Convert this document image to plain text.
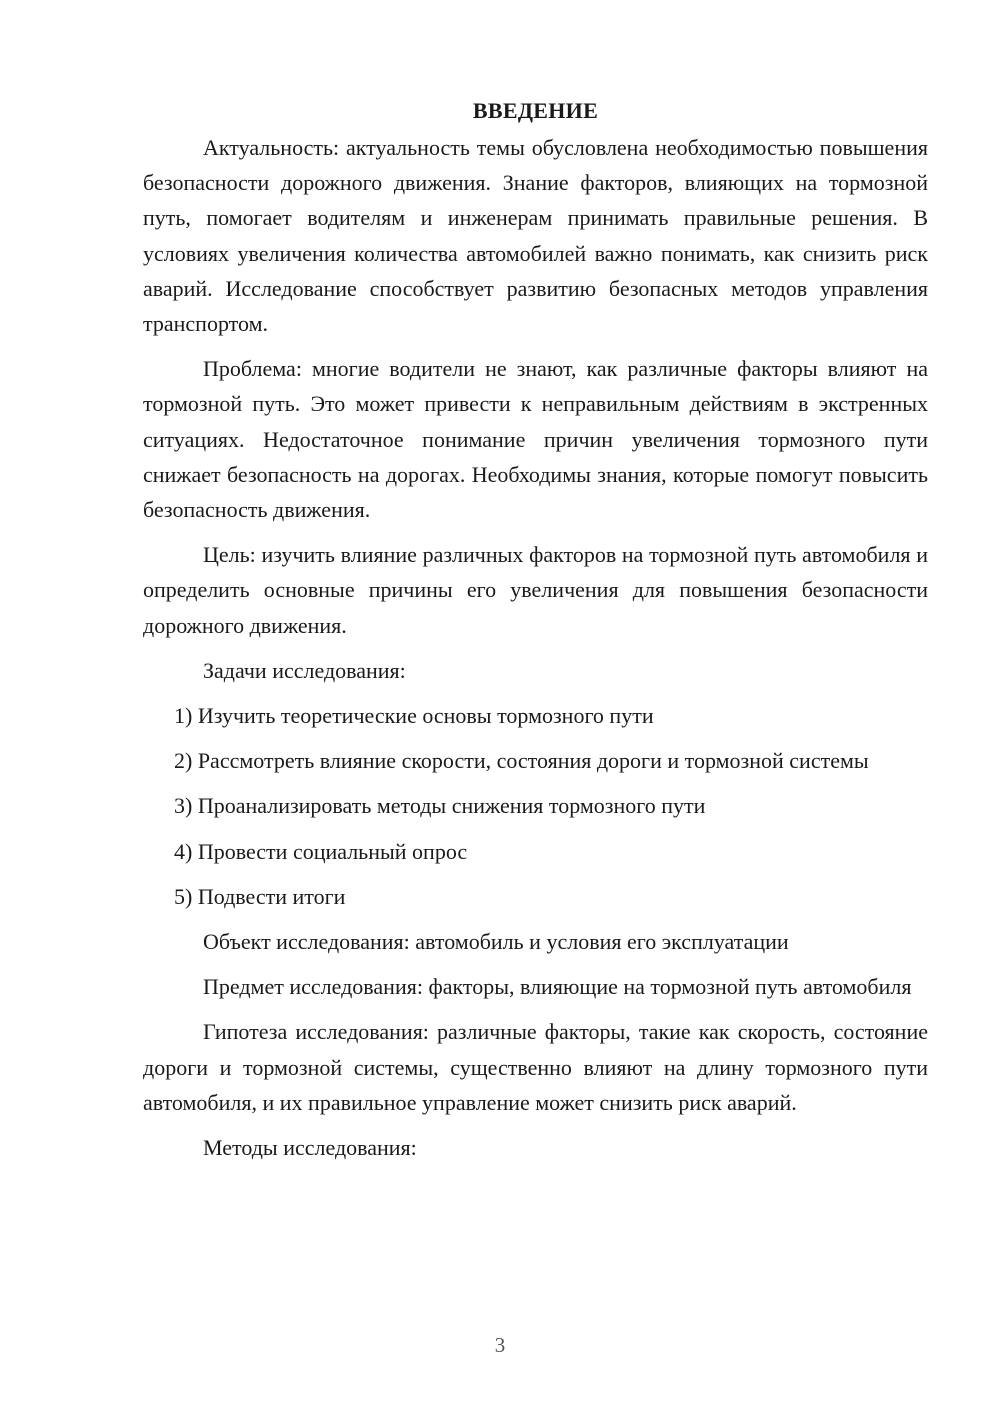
ВВЕДЕНИЕ

Актуальность: актуальность темы обусловлена необходимостью повышения безопасности дорожного движения. Знание факторов, влияющих на тормозной путь, помогает водителям и инженерам принимать правильные решения. В условиях увеличения количества автомобилей важно понимать, как снизить риск аварий. Исследование способствует развитию безопасных методов управления транспортом.

Проблема: многие водители не знают, как различные факторы влияют на тормозной путь. Это может привести к неправильным действиям в экстренных ситуациях. Недостаточное понимание причин увеличения тормозного пути снижает безопасность на дорогах. Необходимы знания, которые помогут повысить безопасность движения.

Цель: изучить влияние различных факторов на тормозной путь автомобиля и определить основные причины его увеличения для повышения безопасности дорожного движения.

Задачи исследования:

1) Изучить теоретические основы тормозного пути

2) Рассмотреть влияние скорости, состояния дороги и тормозной системы

3) Проанализировать методы снижения тормозного пути

4) Провести социальный опрос

5) Подвести итоги

Объект исследования: автомобиль и условия его эксплуатации

Предмет исследования: факторы, влияющие на тормозной путь автомобиля

Гипотеза исследования: различные факторы, такие как скорость, состояние дороги и тормозной системы, существенно влияют на длину тормозного пути автомобиля, и их правильное управление может снизить риск аварий.

Методы исследования:

3
